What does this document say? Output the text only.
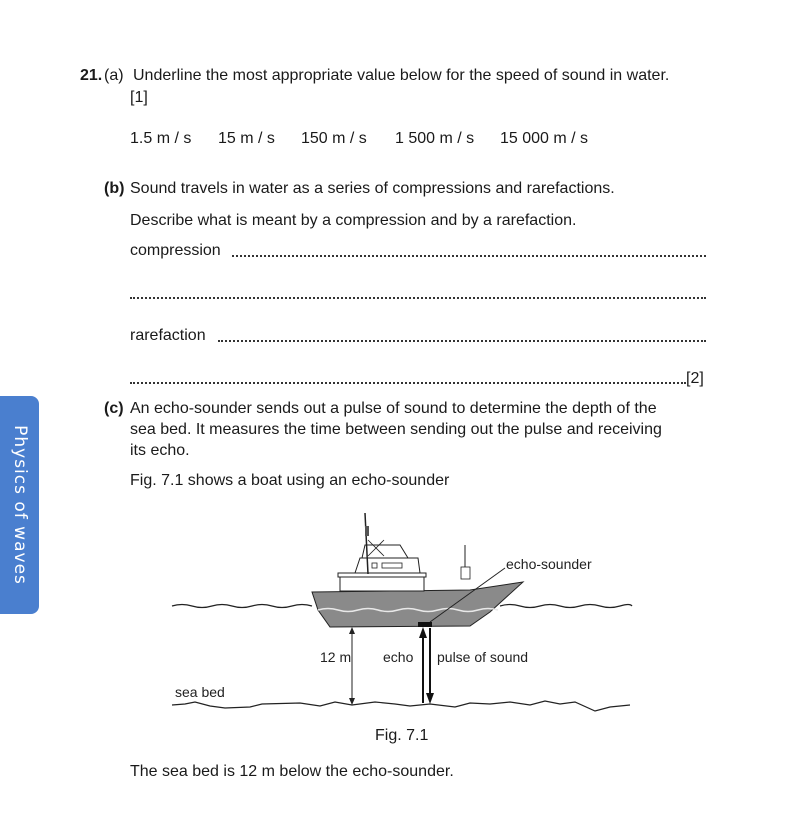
Physics of waves
21. (a) Underline the most appropriate value below for the speed of sound in water.
[1]
1.5 m / s 15 m / s 150 m / s 1 500 m / s 15 000 m / s
(b) Sound travels in water as a series of compressions and rarefactions.
Describe what is meant by a compression and by a rarefaction.
compression
rarefaction
[2]
(c) An echo-sounder sends out a pulse of sound to determine the depth of the
sea bed. It measures the time between sending out the pulse and receiving
its echo.
Fig. 7.1 shows a boat using an echo-sounder
echo-sounder
12 m echo pulse of sound
sea bed
Fig. 7.1
The sea bed is 12 m below the echo-sounder.
